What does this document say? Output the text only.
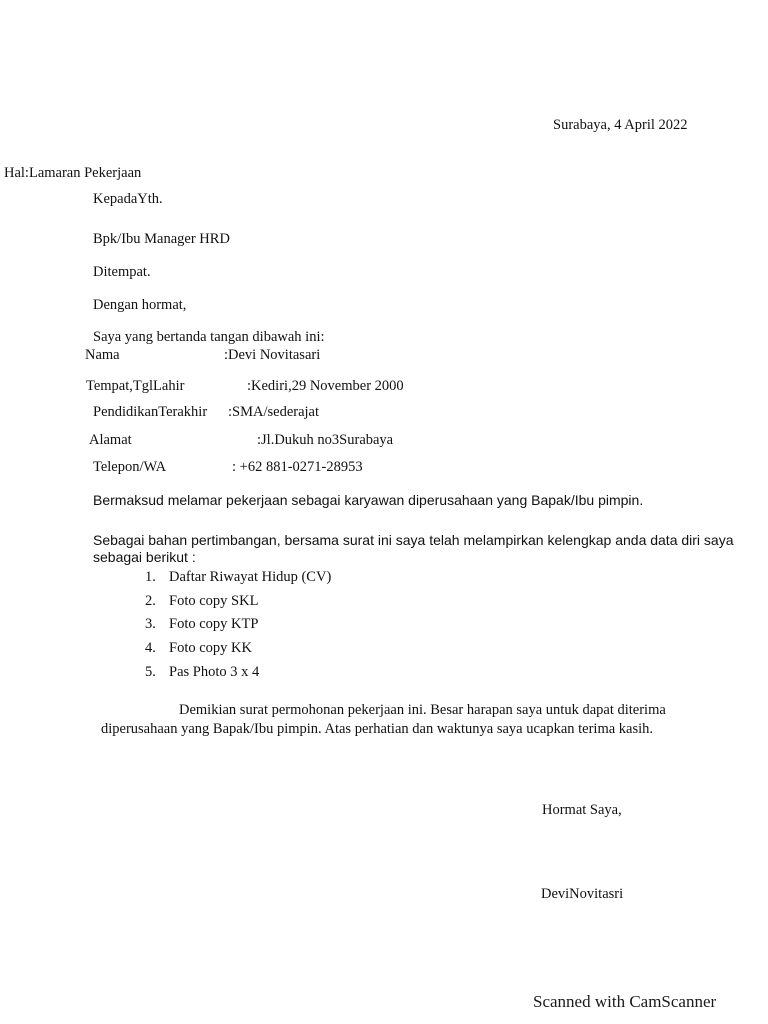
Surabaya, 4 April 2022
Hal:Lamaran Pekerjaan
KepadaYth.
Bpk/Ibu Manager HRD
Ditempat.
Dengan hormat,
Saya yang bertanda tangan dibawah ini:
Nama	:Devi Novitasari
Tempat,TglLahir	:Kediri,29 November 2000
PendidikanTerakhir :SMA/sederajat
Alamat	:Jl.Dukuh no3Surabaya
Telepon/WA	: +62 881-0271-28953
Bermaksud melamar pekerjaan sebagai karyawan diperusahaan yang Bapak/Ibu pimpin.
Sebagai bahan pertimbangan, bersama surat ini saya telah melampirkan kelengkap anda data diri saya
sebagai berikut :
1. Daftar Riwayat Hidup (CV)
2. Foto copy SKL
3. Foto copy KTP
4. Foto copy KK
5. Pas Photo 3 x 4
Demikian surat permohonan pekerjaan ini. Besar harapan saya untuk dapat diterima
diperusahaan yang Bapak/Ibu pimpin. Atas perhatian dan waktunya saya ucapkan terima kasih.
Hormat Saya,
DeviNovitasri
Scanned with CamScanner
